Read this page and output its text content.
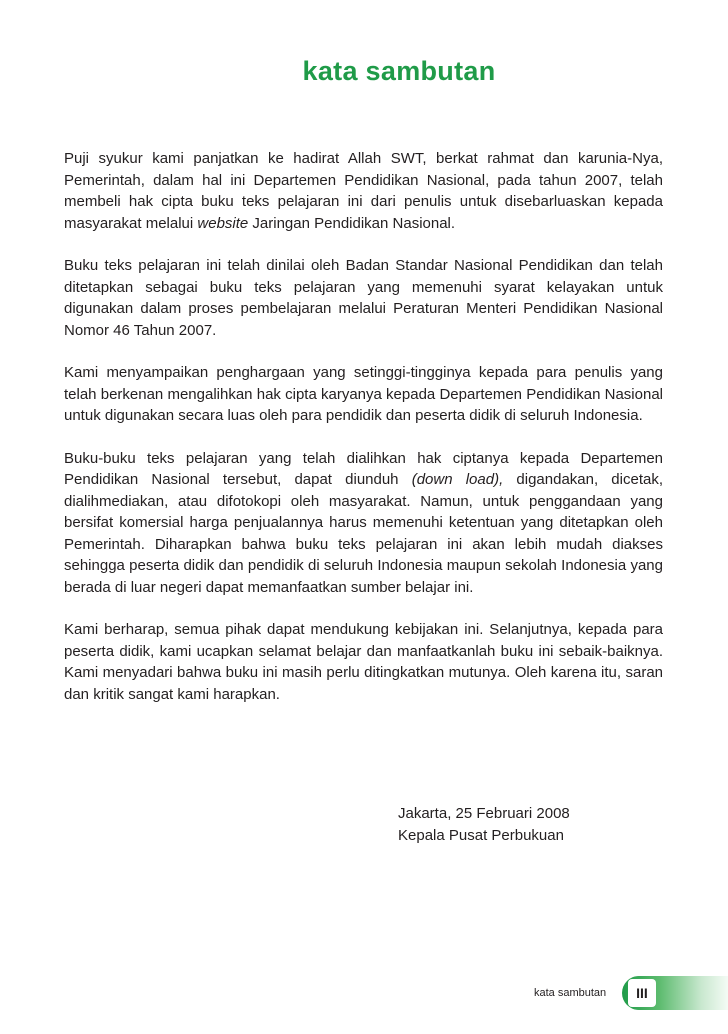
kata sambutan

Puji syukur kami panjatkan ke hadirat Allah SWT, berkat rahmat dan karunia-Nya, Pemerintah, dalam hal ini Departemen Pendidikan Nasional, pada tahun 2007, telah membeli hak cipta buku teks pelajaran ini dari penulis untuk disebarluaskan kepada masyarakat melalui website Jaringan Pendidikan Nasional.

Buku teks pelajaran ini telah dinilai oleh Badan Standar Nasional Pendidikan dan telah ditetapkan sebagai buku teks pelajaran yang memenuhi syarat kelayakan untuk digunakan dalam proses pembelajaran melalui Peraturan Menteri Pendidikan Nasional Nomor 46 Tahun 2007.

Kami menyampaikan penghargaan yang setinggi-tingginya kepada para penulis yang telah berkenan mengalihkan hak cipta karyanya kepada Departemen Pendidikan Nasional untuk digunakan secara luas oleh para pendidik dan peserta didik di seluruh Indonesia.

Buku-buku teks pelajaran yang telah dialihkan hak ciptanya kepada Departemen Pendidikan Nasional tersebut, dapat diunduh (down load), digandakan, dicetak, dialihmediakan, atau difotokopi oleh masyarakat. Namun, untuk penggandaan yang bersifat komersial harga penjualannya harus memenuhi ketentuan yang ditetapkan oleh Pemerintah. Diharapkan bahwa buku teks pelajaran ini akan lebih mudah diakses sehingga peserta didik dan pendidik di seluruh Indonesia maupun sekolah Indonesia yang berada di luar negeri dapat memanfaatkan sumber belajar ini.

Kami berharap, semua pihak dapat mendukung kebijakan ini. Selanjutnya, kepada para peserta didik, kami ucapkan selamat belajar dan manfaatkanlah buku ini sebaik-baiknya. Kami menyadari bahwa buku ini masih perlu ditingkatkan mutunya. Oleh karena itu, saran dan kritik sangat kami harapkan.

Jakarta, 25 Februari 2008
Kepala Pusat Perbukuan
kata sambutan	III
